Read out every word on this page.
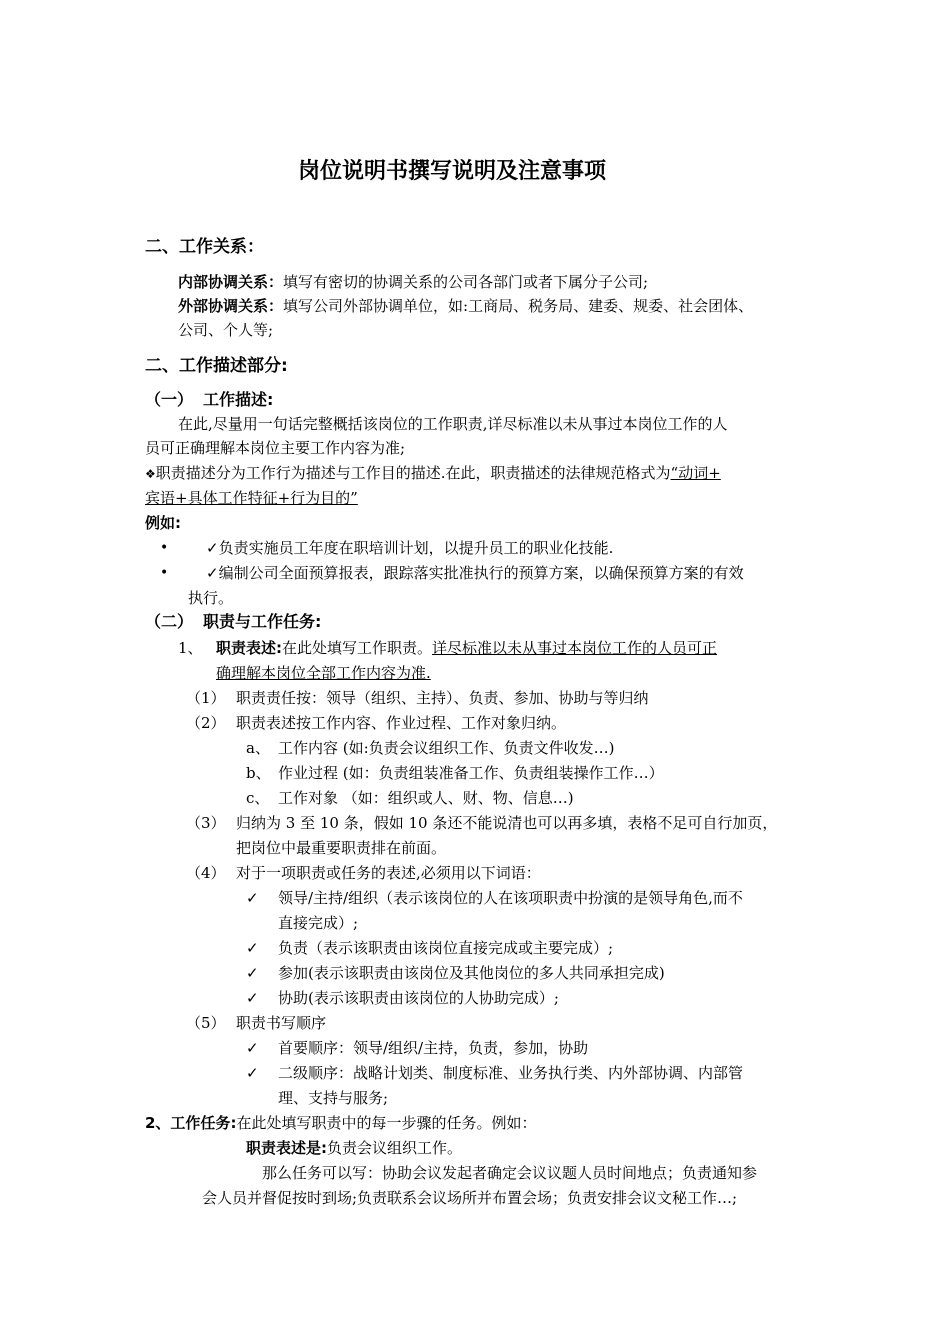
岗位说明书撰写说明及注意事项
二、工作关系：
内部协调关系：填写有密切的协调关系的公司各部门或者下属分子公司;
外部协调关系：填写公司外部协调单位，如:工商局、税务局、建委、规委、社会团体、
公司、个人等;
二、工作描述部分:
（一） 工作描述:
在此,尽量用一句话完整概括该岗位的工作职责,详尽标准以未从事过本岗位工作的人
员可正确理解本岗位主要工作内容为准;
❖职责描述分为工作行为描述与工作目的描述.在此，职责描述的法律规范格式为“动词+
宾语+具体工作特征+行为目的”
例如:
•	✓负责实施员工年度在职培训计划，以提升员工的职业化技能.
•	✓编制公司全面预算报表，跟踪落实批准执行的预算方案，以确保预算方案的有效
执行。
（二） 职责与工作任务:
1、 职责表述:在此处填写工作职责。详尽标准以未从事过本岗位工作的人员可正
确理解本岗位全部工作内容为准.
（1） 职责责任按：领导（组织、主持）、负责、参加、协助与等归纳
（2） 职责表述按工作内容、作业过程、工作对象归纳。
a、 工作内容 (如:负责会议组织工作、负责文件收发…)
b、 作业过程 (如：负责组装准备工作、负责组装操作工作…）
c、 工作对象 （如：组织或人、财、物、信息…)
（3） 归纳为 3 至 10 条，假如 10 条还不能说清也可以再多填，表格不足可自行加页，
把岗位中最重要职责排在前面。
（4） 对于一项职责或任务的表述,必须用以下词语：
✓ 领导/主持/组织（表示该岗位的人在该项职责中扮演的是领导角色,而不
直接完成）;
✓ 负责（表示该职责由该岗位直接完成或主要完成）;
✓ 参加(表示该职责由该岗位及其他岗位的多人共同承担完成)
✓ 协助(表示该职责由该岗位的人协助完成）;
（5） 职责书写顺序
✓ 首要顺序：领导/组织/主持，负责，参加，协助
✓ 二级顺序：战略计划类、制度标准、业务执行类、内外部协调、内部管
理、支持与服务;
2、工作任务:在此处填写职责中的每一步骤的任务。例如：
职责表述是:负责会议组织工作。
那么任务可以写：协助会议发起者确定会议议题人员时间地点；负责通知参
会人员并督促按时到场;负责联系会议场所并布置会场；负责安排会议文秘工作…;
